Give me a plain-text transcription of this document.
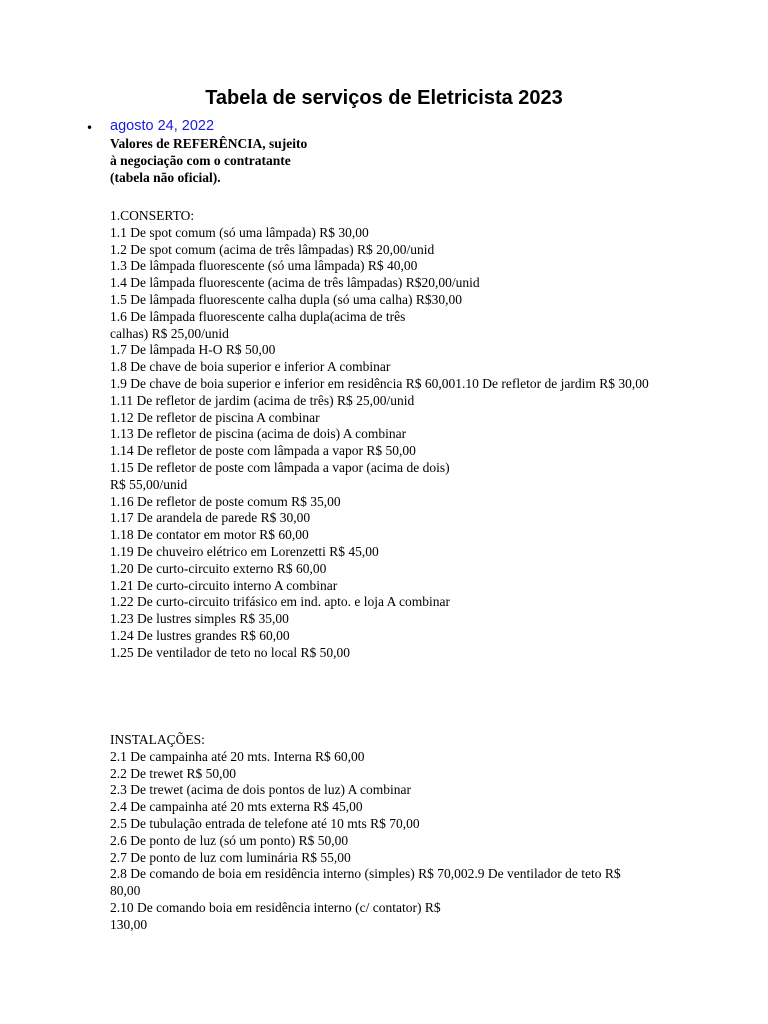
Tabela de serviços de Eletricista 2023
• agosto 24, 2022
Valores de REFERÊNCIA, sujeito
à negociação com o contratante
(tabela não oficial).
1.CONSERTO:
1.1 De spot comum (só uma lâmpada) R$ 30,00
1.2 De spot comum (acima de três lâmpadas) R$ 20,00/unid
1.3 De lâmpada fluorescente (só uma lâmpada) R$ 40,00
1.4 De lâmpada fluorescente (acima de três lâmpadas) R$20,00/unid
1.5 De lâmpada fluorescente calha dupla (só uma calha) R$30,00
1.6 De lâmpada fluorescente calha dupla(acima de três
calhas) R$ 25,00/unid
1.7 De lâmpada H-O R$ 50,00
1.8 De chave de boia superior e inferior A combinar
1.9 De chave de boia superior e inferior em residência R$ 60,001.10 De refletor de jardim R$ 30,00
1.11 De refletor de jardim (acima de três) R$ 25,00/unid
1.12 De refletor de piscina A combinar
1.13 De refletor de piscina (acima de dois) A combinar
1.14 De refletor de poste com lâmpada a vapor R$ 50,00
1.15 De refletor de poste com lâmpada a vapor (acima de dois)
R$ 55,00/unid
1.16 De refletor de poste comum R$ 35,00
1.17 De arandela de parede R$ 30,00
1.18 De contator em motor R$ 60,00
1.19 De chuveiro elétrico em Lorenzetti R$ 45,00
1.20 De curto-circuito externo R$ 60,00
1.21 De curto-circuito interno A combinar
1.22 De curto-circuito trifásico em ind. apto. e loja A combinar
1.23 De lustres simples R$ 35,00
1.24 De lustres grandes R$ 60,00
1.25 De ventilador de teto no local R$ 50,00
INSTALAÇÕES:
2.1 De campainha até 20 mts. Interna R$ 60,00
2.2 De trewet R$ 50,00
2.3 De trewet (acima de dois pontos de luz) A combinar
2.4 De campainha até 20 mts externa R$ 45,00
2.5 De tubulação entrada de telefone até 10 mts R$ 70,00
2.6 De ponto de luz (só um ponto) R$ 50,00
2.7 De ponto de luz com luminária R$ 55,00
2.8 De comando de boia em residência interno (simples) R$ 70,002.9 De ventilador de teto R$ 80,00
2.10 De comando boia em residência interno (c/ contator) R$
130,00
